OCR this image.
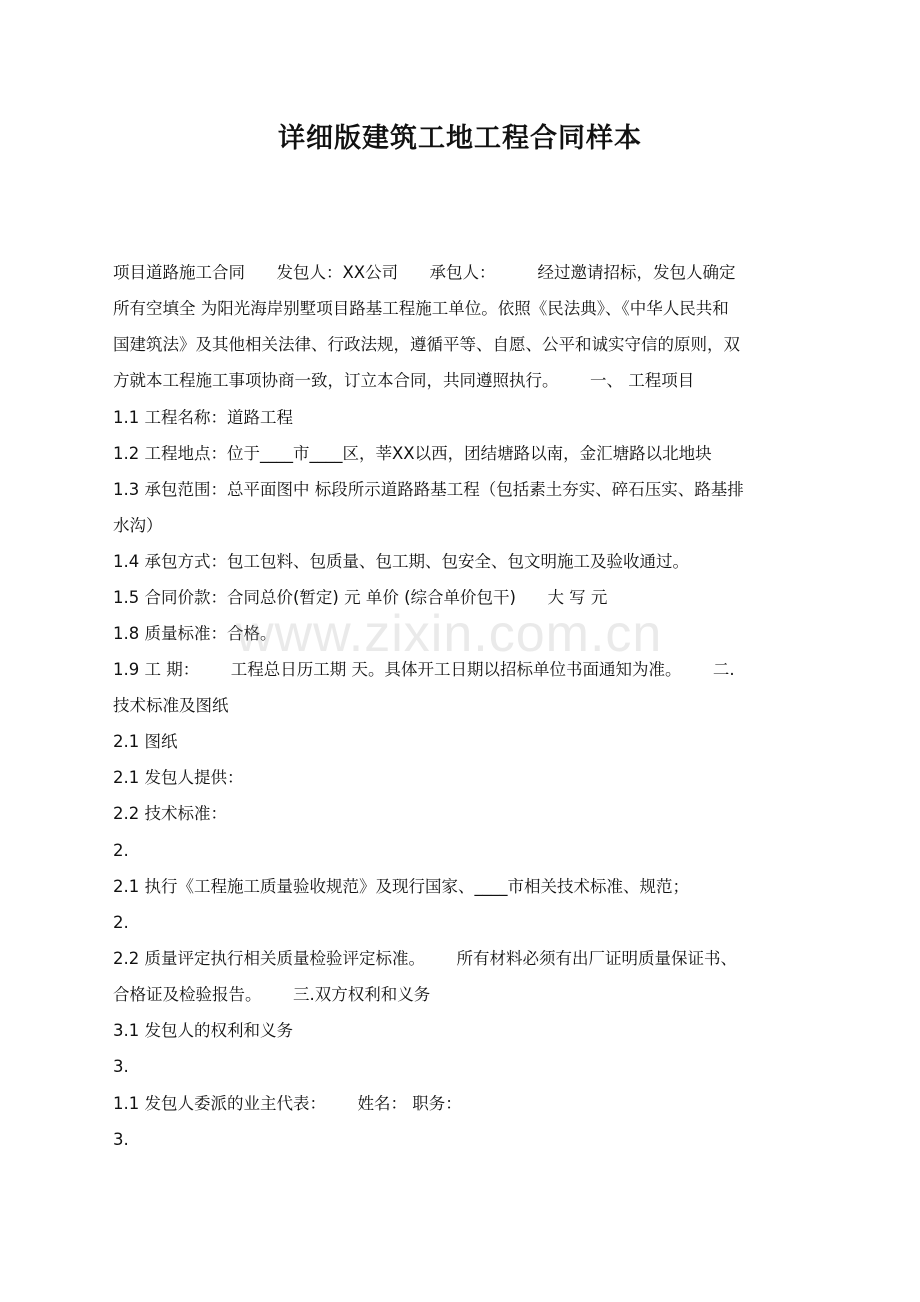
详细版建筑工地工程合同样本
项目道路施工合同      发包人：XX公司      承包人：        经过邀请招标，发包人确定
所有空填全 为阳光海岸别墅项目路基工程施工单位。依照《民法典》、《中华人民共和
国建筑法》及其他相关法律、行政法规，遵循平等、自愿、公平和诚实守信的原则，双
方就本工程施工事项协商一致，订立本合同，共同遵照执行。      一、 工程项目
1.1 工程名称：道路工程
1.2 工程地点：位于____市____区，莘XX以西，团结塘路以南，金汇塘路以北地块
1.3 承包范围：总平面图中 标段所示道路路基工程（包括素土夯实、碎石压实、路基排
水沟）
1.4 承包方式：包工包料、包质量、包工期、包安全、包文明施工及验收通过。
1.5 合同价款：合同总价(暂定) 元 单价 (综合单价包干)      大 写 元
1.8 质量标准：合格。
1.9 工 期：      工程总日历工期 天。具体开工日期以招标单位书面通知为准。      二.
技术标准及图纸
2.1 图纸
2.1 发包人提供：
2.2 技术标准：
2.
2.1 执行《工程施工质量验收规范》及现行国家、____市相关技术标准、规范；
2.
2.2 质量评定执行相关质量检验评定标准。      所有材料必须有出厂证明质量保证书、
合格证及检验报告。      三.双方权利和义务
3.1 发包人的权利和义务
3.
1.1 发包人委派的业主代表：      姓名： 职务：
3.
www.zixin.com.cn
